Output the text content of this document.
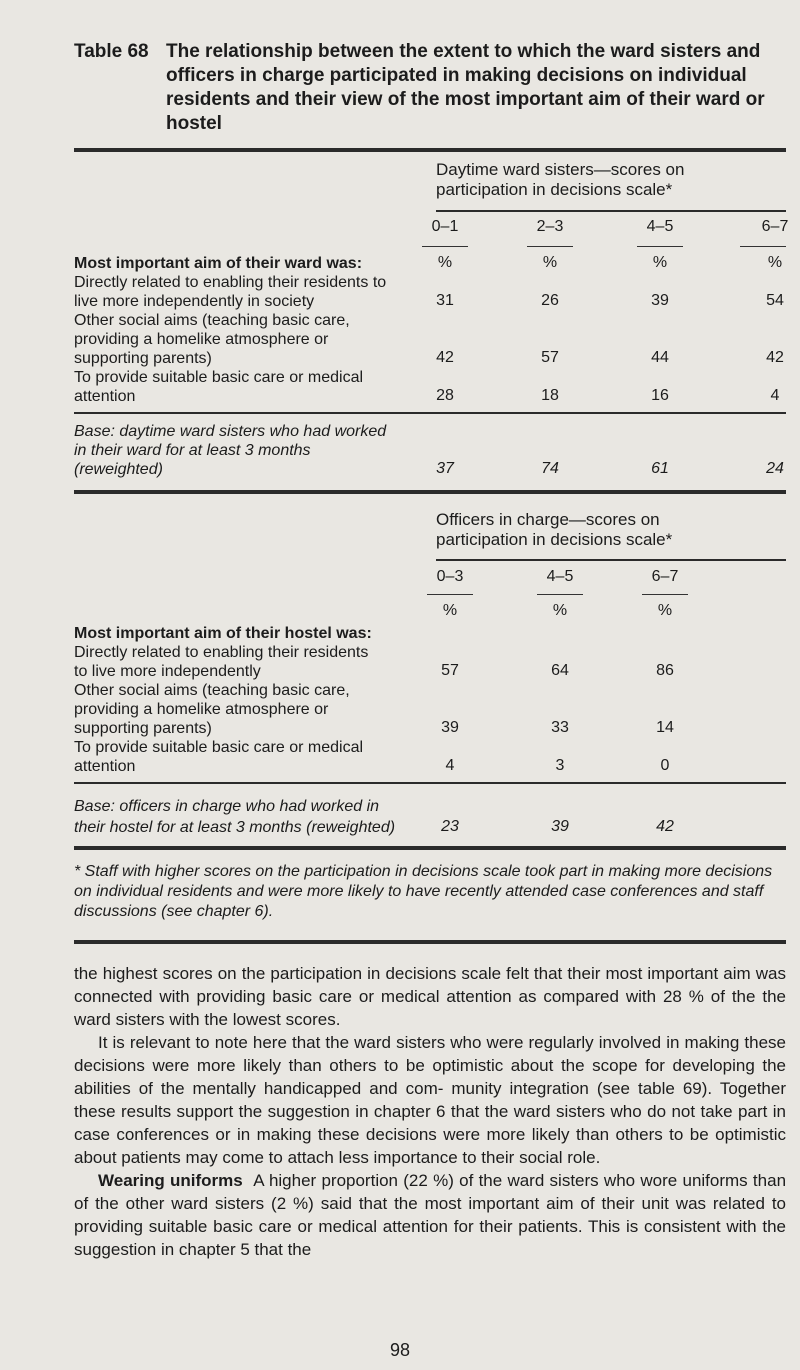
Table 68 The relationship between the extent to which the ward sisters and officers in charge participated in making decisions on individual residents and their view of the most important aim of their ward or hostel
Daytime ward sisters—scores on participation in decisions scale*
0–1	2–3	4–5	6–7
Most important aim of their ward was:	%	%	%	%
Directly related to enabling their residents to
live more independently in society	31	26	39	54
Other social aims (teaching basic care,
providing a homelike atmosphere or
supporting parents)	42	57	44	42
To provide suitable basic care or medical
attention	28	18	16	4
Base: daytime ward sisters who had worked
in their ward for at least 3 months
(reweighted)	37	74	61	24
Officers in charge—scores on participation in decisions scale*
0–3	4–5	6–7
%	%	%
Most important aim of their hostel was:
Directly related to enabling their residents
to live more independently	57	64	86
Other social aims (teaching basic care,
providing a homelike atmosphere or
supporting parents)	39	33	14
To provide suitable basic care or medical
attention	4	3	0
Base: officers in charge who had worked in
their hostel for at least 3 months (reweighted)	23	39	42
* Staff with higher scores on the participation in decisions scale took part in making more decisions on individual residents and were more likely to have recently attended case conferences and staff discussions (see chapter 6).

the highest scores on the participation in decisions scale felt that their most important aim was connected with providing basic care or medical attention as compared with 28 % of the the ward sisters with the lowest scores.

It is relevant to note here that the ward sisters who were regularly involved in making these decisions were more likely than others to be optimistic about the scope for developing the abilities of the mentally handicapped and com- munity integration (see table 69). Together these results support the suggestion in chapter 6 that the ward sisters who do not take part in case conferences or in making these decisions were more likely than others to be optimistic about patients may come to attach less importance to their social role.

Wearing uniforms A higher proportion (22 %) of the ward sisters who wore uniforms than of the other ward sisters (2 %) said that the most important aim of their unit was related to providing suitable basic care or medical attention for their patients. This is consistent with the suggestion in chapter 5 that the

98
